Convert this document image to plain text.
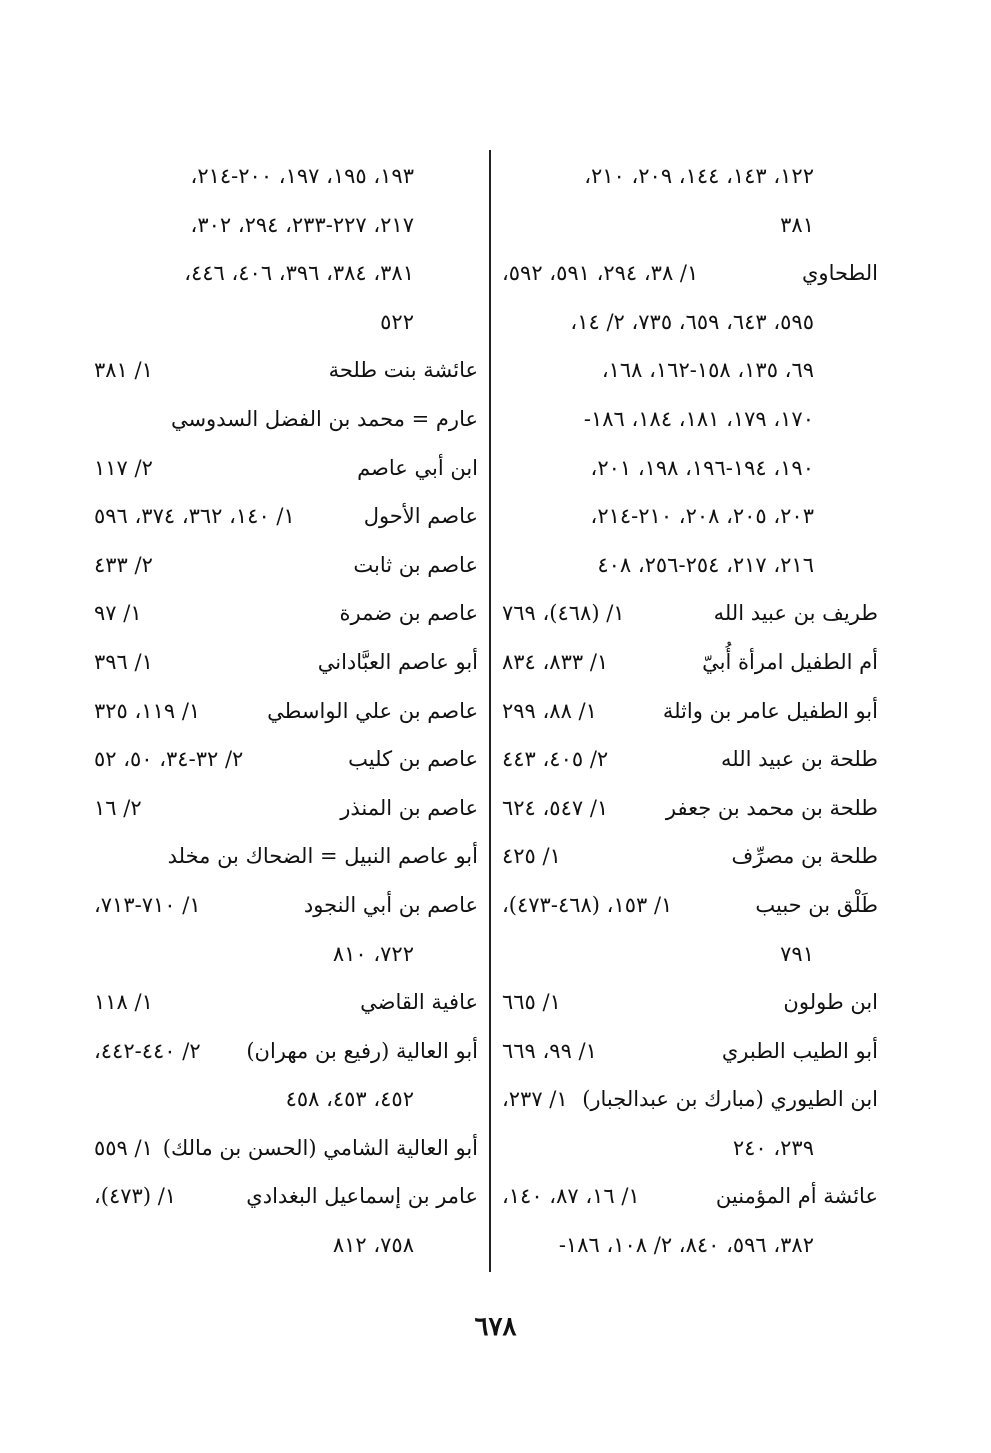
١٢٢، ١٤٣، ١٤٤، ٢٠٩، ٢١٠،
٣٨١
الطحاوي
١/ ٣٨، ٢٩٤، ٥٩١، ٥٩٢،
٥٩٥، ٦٤٣، ٦٥٩، ٧٣٥، ٢/ ١٤،
٦٩، ١٣٥، ١٥٨-١٦٢، ١٦٨،
١٧٠، ١٧٩، ١٨١، ١٨٤، ١٨٦-
١٩٠، ١٩٤-١٩٦، ١٩٨، ٢٠١،
٢٠٣، ٢٠٥، ٢٠٨، ٢١٠-٢١٤،
٢١٦، ٢١٧، ٢٥٤-٢٥٦، ٤٠٨
طريف بن عبيد الله
١/ (٤٦٨)، ٧٦٩
أم الطفيل امرأة أُبيّ
١/ ٨٣٣، ٨٣٤
أبو الطفيل عامر بن واثلة
١/ ٨٨، ٢٩٩
طلحة بن عبيد الله
٢/ ٤٠٥، ٤٤٣
طلحة بن محمد بن جعفر
١/ ٥٤٧، ٦٢٤
طلحة بن مصرِّف
١/ ٤٢٥
طَلْق بن حبيب
١/ ١٥٣، (٤٦٨-٤٧٣)،
٧٩١
ابن طولون
١/ ٦٦٥
أبو الطيب الطبري
١/ ٩٩، ٦٦٩
ابن الطيوري (مبارك بن عبدالجبار)
١/ ٢٣٧،
٢٣٩، ٢٤٠
عائشة أم المؤمنين
١/ ١٦، ٨٧، ١٤٠،
٣٨٢، ٥٩٦، ٨٤٠، ٢/ ١٠٨، ١٨٦-
١٩٣، ١٩٥، ١٩٧، ٢٠٠-٢١٤،
٢١٧، ٢٢٧-٢٣٣، ٢٩٤، ٣٠٢،
٣٨١، ٣٨٤، ٣٩٦، ٤٠٦، ٤٤٦،
٥٢٢
عائشة بنت طلحة
١/ ٣٨١
عارم = محمد بن الفضل السدوسي
ابن أبي عاصم
٢/ ١١٧
عاصم الأحول
١/ ١٤٠، ٣٦٢، ٣٧٤، ٥٩٦
عاصم بن ثابت
٢/ ٤٣٣
عاصم بن ضمرة
١/ ٩٧
أبو عاصم العبَّاداني
١/ ٣٩٦
عاصم بن علي الواسطي
١/ ١١٩، ٣٢٥
عاصم بن كليب
٢/ ٣٢-٣٤، ٥٠، ٥٢
عاصم بن المنذر
٢/ ١٦
أبو عاصم النبيل = الضحاك بن مخلد
عاصم بن أبي النجود
١/ ٧١٠-٧١٣،
٧٢٢، ٨١٠
عافية القاضي
١/ ١١٨
أبو العالية (رفيع بن مهران)
٢/ ٤٤٠-٤٤٢،
٤٥٢، ٤٥٣، ٤٥٨
أبو العالية الشامي (الحسن بن مالك)
١/ ٥٥٩
عامر بن إسماعيل البغدادي
١/ (٤٧٣)،
٧٥٨، ٨١٢
٦٧٨
